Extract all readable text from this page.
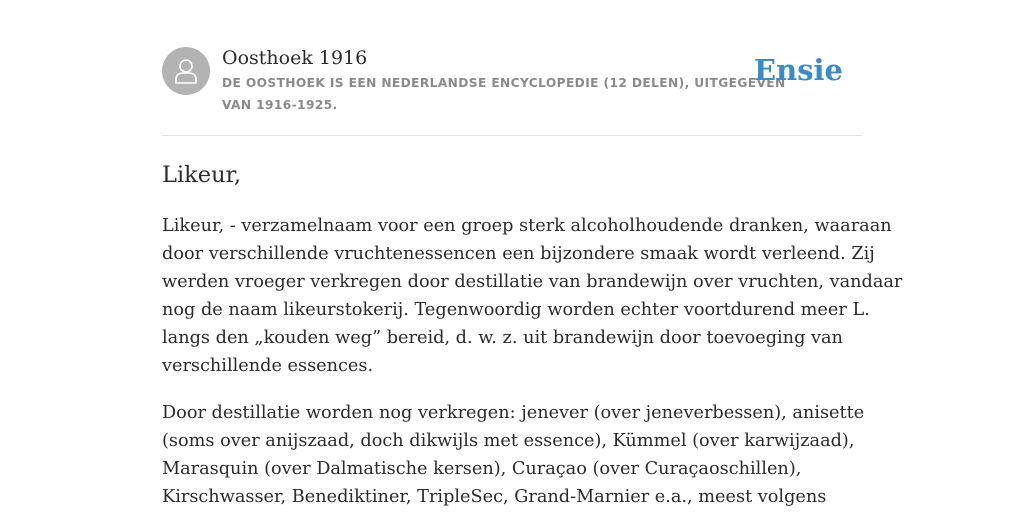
Oosthoek 1916
DE OOSTHOEK IS EEN NEDERLANDSE ENCYCLOPEDIE (12 DELEN), UITGEGEVEN
VAN 1916-1925.
Ensie
Likeur,

Likeur, - verzamelnaam voor een groep sterk alcoholhoudende dranken, waaraan
door verschillende vruchtenessencen een bijzondere smaak wordt verleend. Zij
werden vroeger verkregen door destillatie van brandewijn over vruchten, vandaar
nog de naam likeurstokerij. Tegenwoordig worden echter voortdurend meer L.
langs den „kouden weg” bereid, d. w. z. uit brandewijn door toevoeging van
verschillende essences.

Door destillatie worden nog verkregen: jenever (over jeneverbessen), anisette
(soms over anijszaad, doch dikwijls met essence), Kümmel (over karwijzaad),
Marasquin (over Dalmatische kersen), Curaçao (over Curaçaoschillen),
Kirschwasser, Benediktiner, TripleSec, Grand-Marnier e.a., meest volgens
